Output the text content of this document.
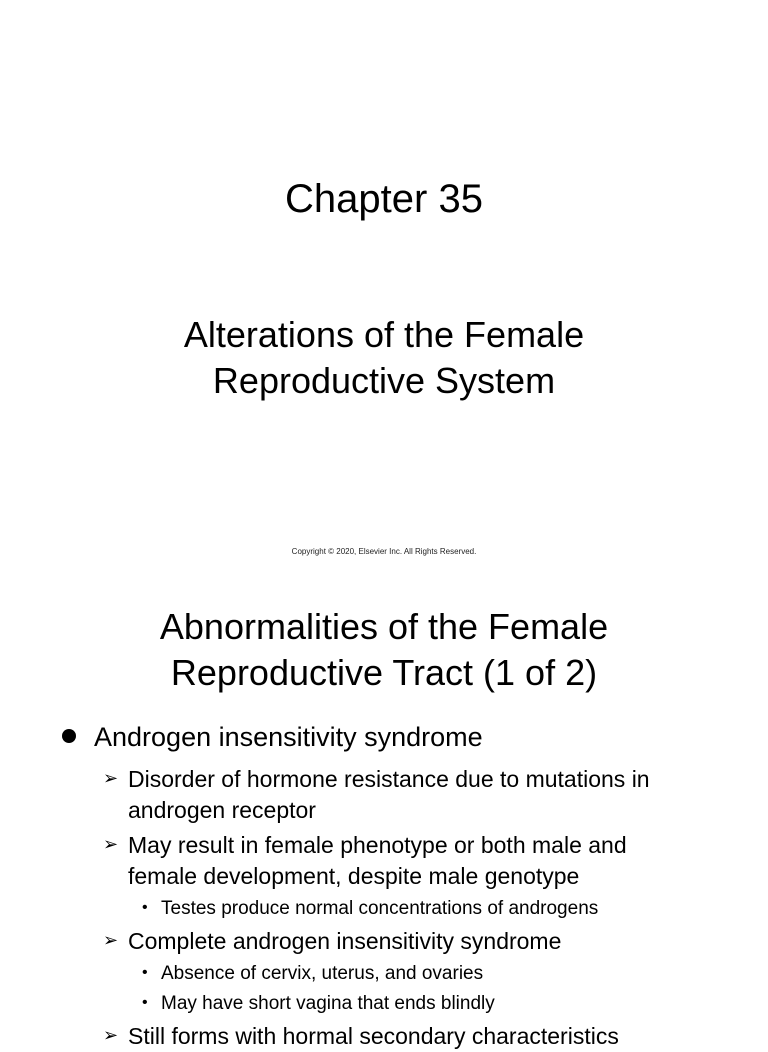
Chapter 35
Alterations of the Female
Reproductive System
Copyright © 2020, Elsevier Inc. All Rights Reserved.
Abnormalities of the Female
Reproductive Tract (1 of 2)
Androgen insensitivity syndrome
➢ Disorder of hormone resistance due to mutations in androgen receptor
➢ May result in female phenotype or both male and female development, despite male genotype
• Testes produce normal concentrations of androgens
➢ Complete androgen insensitivity syndrome
• Absence of cervix, uterus, and ovaries
• May have short vagina that ends blindly
➢ Still forms with hormal secondary characteristics
